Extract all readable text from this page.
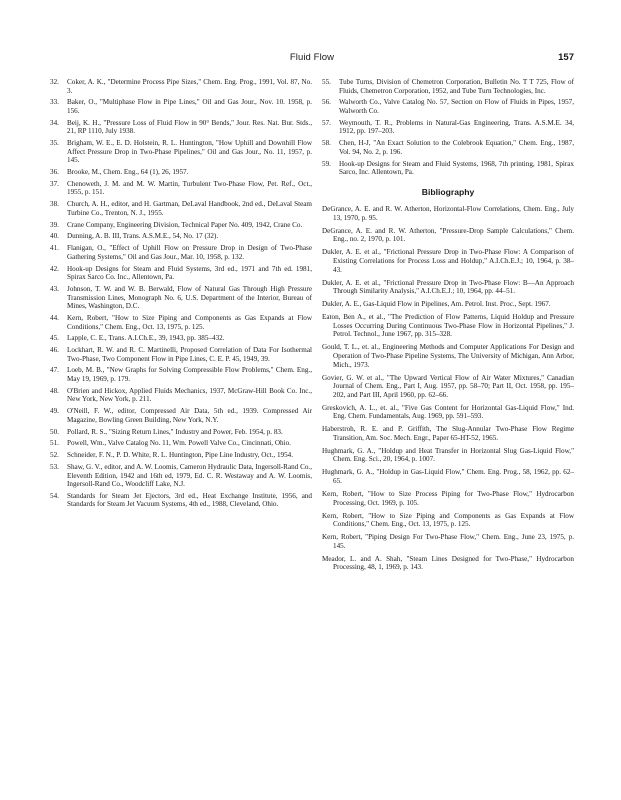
Fluid Flow	157
32. Coker, A. K., "Determine Process Pipe Sizes," Chem. Eng. Prog., 1991, Vol. 87, No. 3.
33. Baker, O., "Multiphase Flow in Pipe Lines," Oil and Gas Jour., Nov. 10. 1958, p. 156.
34. Beij, K. H., "Pressure Loss of Fluid Flow in 90° Bends," Jour. Res. Nat. Bur. Stds., 21, RP 1110, July 1938.
35. Brigham, W. E., E. D. Holstein, R. L. Huntington, "How Uphill and Downhill Flow Affect Pressure Drop in Two-Phase Pipelines," Oil and Gas Jour., No. 11, 1957, p. 145.
36. Brooke, M., Chem. Eng., 64 (1), 26, 1957.
37. Chenoweth, J. M. and M. W. Martin, Turbulent Two-Phase Flow, Pet. Ref., Oct., 1955, p. 151.
38. Church, A. H., editor, and H. Gartman, DeLaval Handbook, 2nd ed., DeLaval Steam Turbine Co., Trenton, N. J., 1955.
39. Crane Company, Engineering Division, Technical Paper No. 409, 1942, Crane Co.
40. Dunning, A. B. III, Trans. A.S.M.E., 54, No. 17 (32).
41. Flanigan, O., "Effect of Uphill Flow on Pressure Drop in Design of Two-Phase Gathering Systems," Oil and Gas Jour., Mar. 10, 1958, p. 132.
42. Hook-up Designs for Steam and Fluid Systems, 3rd ed., 1971 and 7th ed. 1981, Spirax Sarco Co. Inc., Allentown, Pa.
43. Johnson, T. W. and W. B. Berwald, Flow of Natural Gas Through High Pressure Transmission Lines, Monograph No. 6, U.S. Department of the Interior, Bureau of Mines, Washington, D.C.
44. Kern, Robert, "How to Size Piping and Components as Gas Expands at Flow Conditions," Chem. Eng., Oct. 13, 1975, p. 125.
45. Lapple, C. E., Trans. A.I.Ch.E., 39, 1943, pp. 385–432.
46. Lockhart, R. W. and R. C. Martinelli, Proposed Correlation of Data For Isothermal Two-Phase, Two Component Flow in Pipe Lines, C. E. P. 45, 1949, 39.
47. Loeb, M. B., "New Graphs for Solving Compressible Flow Problems," Chem. Eng., May 19, 1969, p. 179.
48. O'Brien and Hickox, Applied Fluids Mechanics, 1937, McGraw-Hill Book Co. Inc., New York, New York, p. 211.
49. O'Neill, F. W., editor, Compressed Air Data, 5th ed., 1939. Compressed Air Magazine, Bowling Green Building, New York, N.Y.
50. Pollard, R. S., "Sizing Return Lines," Industry and Power, Feb. 1954, p. 83.
51. Powell, Wm., Valve Catalog No. 11, Wm. Powell Valve Co., Cincinnati, Ohio.
52. Schneider, F. N., P. D. White, R. L. Huntington, Pipe Line Industry, Oct., 1954.
53. Shaw, G. V., editor, and A. W. Loomis, Cameron Hydraulic Data, Ingersoll-Rand Co., Eleventh Edition, 1942 and 16th ed, 1979, Ed. C. R. Westaway and A. W. Loomis, Ingersoll-Rand Co., Woodcliff Lake, N.J.
54. Standards for Steam Jet Ejectors, 3rd ed., Heat Exchange Institute, 1956, and Standards for Steam Jet Vacuum Systems, 4th ed., 1988, Cleveland, Ohio.
55. Tube Turns, Division of Chemetron Corporation, Bulletin No. T T 725, Flow of Fluids, Chemetron Corporation, 1952, and Tube Turn Technologies, Inc.
56. Walworth Co., Valve Catalog No. 57, Section on Flow of Fluids in Pipes, 1957, Walworth Co.
57. Weymouth, T. R., Problems in Natural-Gas Engineering, Trans. A.S.M.E. 34, 1912, pp. 197–203.
58. Chen, H-J, "An Exact Solution to the Colebrook Equation," Chem. Eng., 1987, Vol. 94, No. 2, p. 196.
59. Hook-up Designs for Steam and Fluid Systems, 1968, 7th printing, 1981, Spirax Sarco, Inc. Allentown, Pa.
Bibliography
DeGrance, A. E. and R. W. Atherton, Horizontal-Flow Correlations, Chem. Eng., July 13, 1970, p. 95.
DeGrance, A. E. and R. W. Atherton, "Pressure-Drop Sample Calculations," Chem. Eng., no. 2, 1970, p. 101.
Dukler, A. E. et al., "Frictional Pressure Drop in Two-Phase Flow: A Comparison of Existing Correlations for Process Loss and Holdup," A.I.Ch.E.J.; 10, 1964, p. 38–43.
Dukler, A. E. et al., "Frictional Pressure Drop in Two-Phase Flow: B—An Approach Through Similarity Analysis," A.I.Ch.E.J.; 10, 1964, pp. 44–51.
Dukler, A. E., Gas-Liquid Flow in Pipelines, Am. Petrol. Inst. Proc., Sept. 1967.
Eaton, Ben A., et al., "The Prediction of Flow Patterns, Liquid Holdup and Pressure Losses Occurring During Continuous Two-Phase Flow in Horizontal Pipelines," J. Petrol. Technol., June 1967, pp. 315–328.
Gould, T. L., et. al., Engineering Methods and Computer Applications For Design and Operation of Two-Phase Pipeline Systems, The University of Michigan, Ann Arbor, Mich., 1973.
Govier, G. W. et al., "The Upward Vertical Flow of Air Water Mixtures," Canadian Journal of Chem. Eng., Part I, Aug. 1957, pp. 58–70; Part II, Oct. 1958, pp. 195–202, and Part III, April 1960, pp. 62–66.
Greskovich, A. L., et. al., "Five Gas Content for Horizontal Gas-Liquid Flow," Ind. Eng. Chem. Fundamentals, Aug. 1969, pp. 591–593.
Haberstroh, R. E. and P. Griffith, The Slug-Annular Two-Phase Flow Regime Transition, Am. Soc. Mech. Engr., Paper 65-HT-52, 1965.
Hughmark, G. A., "Holdup and Heat Transfer in Horizontal Slug Gas-Liquid Flow," Chem. Eng. Sci., 20, 1964, p. 1007.
Hughmark, G. A., "Holdup in Gas-Liquid Flow," Chem. Eng. Prog., 58, 1962, pp. 62–65.
Kern, Robert, "How to Size Process Piping for Two-Phase Flow," Hydrocarbon Processing, Oct. 1969, p. 105.
Kern, Robert, "How to Size Piping and Components as Gas Expands at Flow Conditions," Chem. Eng., Oct. 13, 1975, p. 125.
Kern, Robert, "Piping Design For Two-Phase Flow," Chem. Eng., June 23, 1975, p. 145.
Meador, L. and A. Shah, "Steam Lines Designed for Two-Phase," Hydrocarbon Processing, 48, 1, 1969, p. 143.
